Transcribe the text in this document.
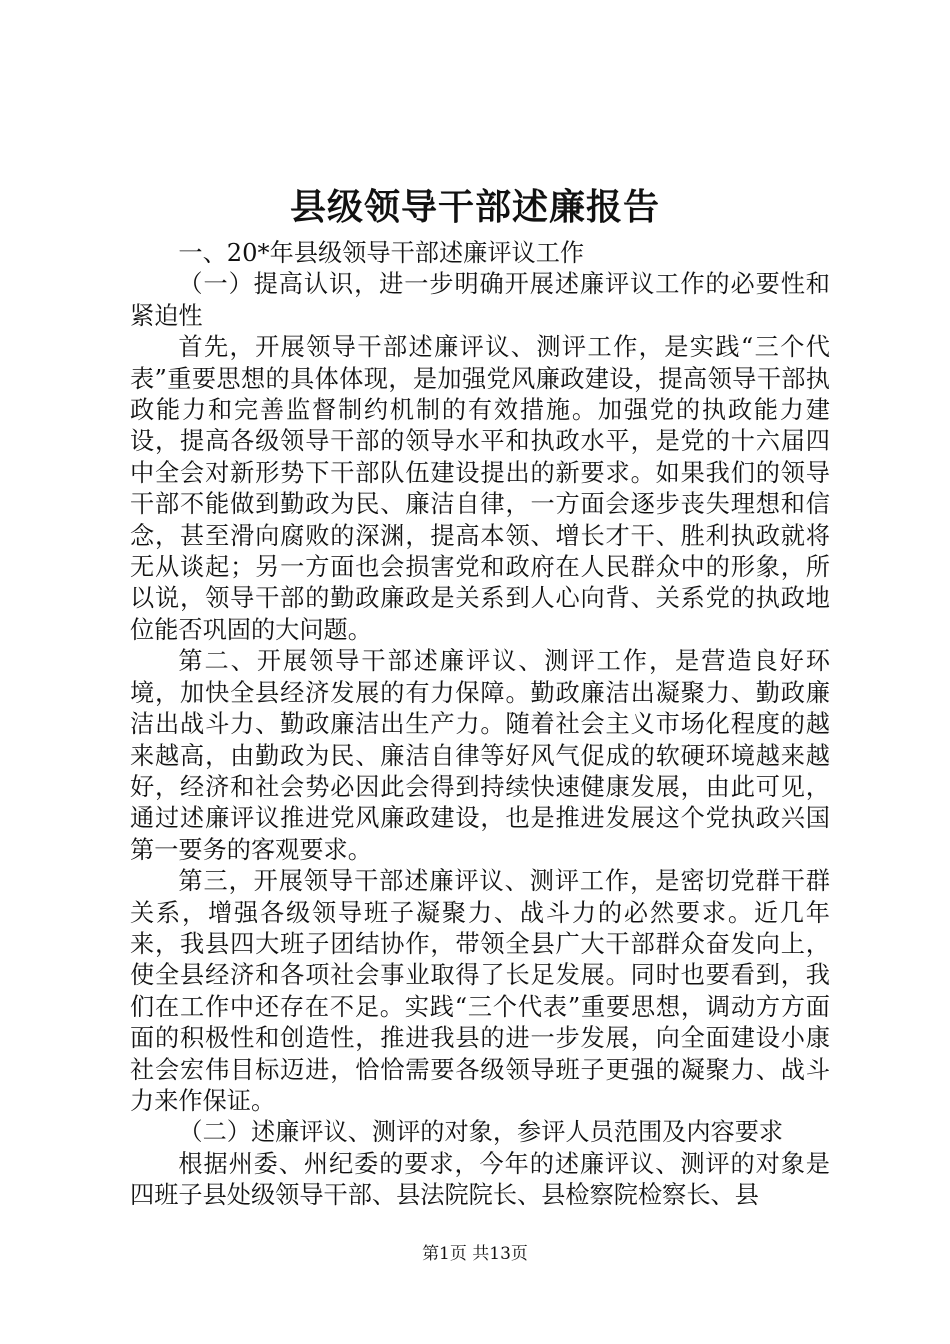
县级领导干部述廉报告

一、20*年县级领导干部述廉评议工作

（一）提高认识，进一步明确开展述廉评议工作的必要性和紧迫性

首先，开展领导干部述廉评议、测评工作，是实践“三个代表”重要思想的具体体现，是加强党风廉政建设，提高领导干部执政能力和完善监督制约机制的有效措施。加强党的执政能力建设，提高各级领导干部的领导水平和执政水平，是党的十六届四中全会对新形势下干部队伍建设提出的新要求。如果我们的领导干部不能做到勤政为民、廉洁自律，一方面会逐步丧失理想和信念，甚至滑向腐败的深渊，提高本领、增长才干、胜利执政就将无从谈起；另一方面也会损害党和政府在人民群众中的形象，所以说，领导干部的勤政廉政是关系到人心向背、关系党的执政地位能否巩固的大问题。

第二、开展领导干部述廉评议、测评工作，是营造良好环境，加快全县经济发展的有力保障。勤政廉洁出凝聚力、勤政廉洁出战斗力、勤政廉洁出生产力。随着社会主义市场化程度的越来越高，由勤政为民、廉洁自律等好风气促成的软硬环境越来越好，经济和社会势必因此会得到持续快速健康发展，由此可见，通过述廉评议推进党风廉政建设，也是推进发展这个党执政兴国第一要务的客观要求。

第三，开展领导干部述廉评议、测评工作，是密切党群干群关系，增强各级领导班子凝聚力、战斗力的必然要求。近几年来，我县四大班子团结协作，带领全县广大干部群众奋发向上，使全县经济和各项社会事业取得了长足发展。同时也要看到，我们在工作中还存在不足。实践“三个代表”重要思想，调动方方面面的积极性和创造性，推进我县的进一步发展，向全面建设小康社会宏伟目标迈进，恰恰需要各级领导班子更强的凝聚力、战斗力来作保证。

（二）述廉评议、测评的对象，参评人员范围及内容要求

根据州委、州纪委的要求，今年的述廉评议、测评的对象是四班子县处级领导干部、县法院院长、县检察院检察长、县

第1页 共13页
